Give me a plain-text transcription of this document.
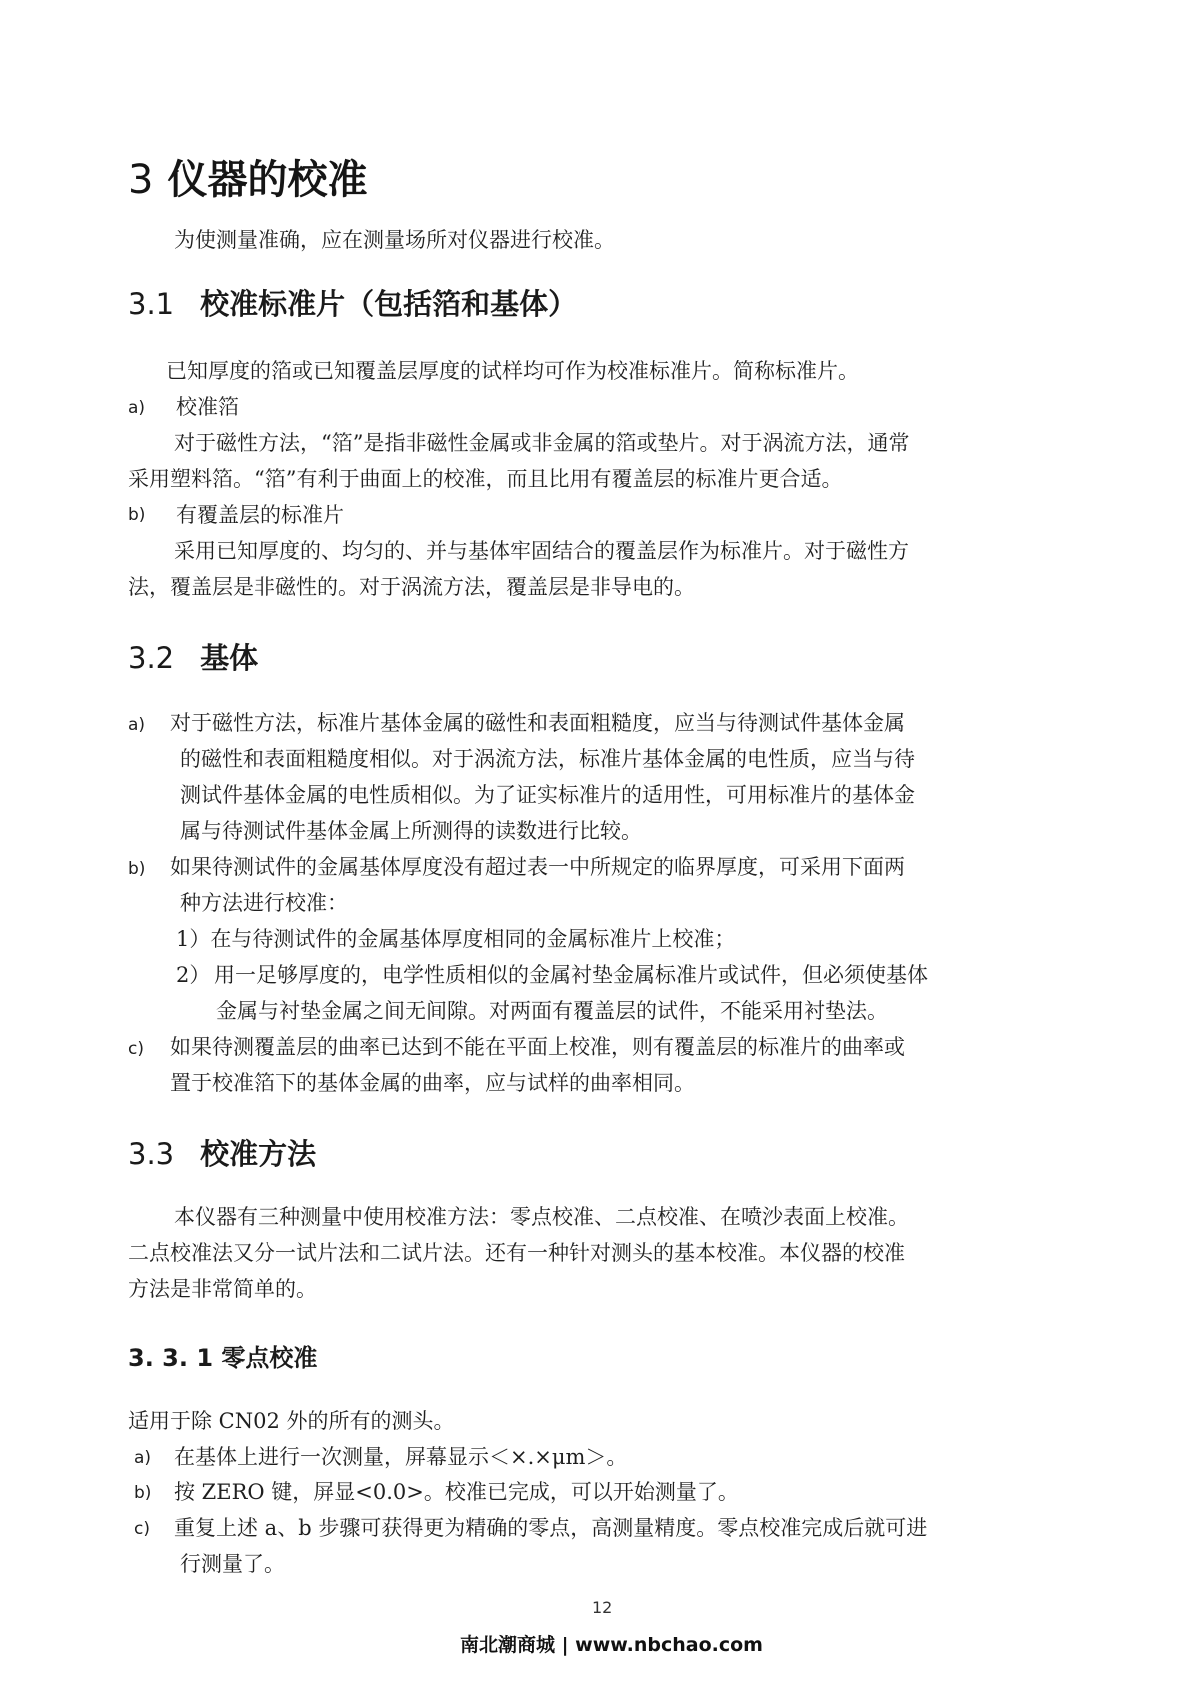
3 仪器的校准
为使测量准确，应在测量场所对仪器进行校准。
3.1 校准标准片（包括箔和基体）
已知厚度的箔或已知覆盖层厚度的试样均可作为校准标准片。简称标准片。
a) 校准箔
对于磁性方法，“箔”是指非磁性金属或非金属的箔或垫片。对于涡流方法，通常
采用塑料箔。“箔”有利于曲面上的校准，而且比用有覆盖层的标准片更合适。
b) 有覆盖层的标准片
采用已知厚度的、均匀的、并与基体牢固结合的覆盖层作为标准片。对于磁性方
法，覆盖层是非磁性的。对于涡流方法，覆盖层是非导电的。
3.2 基体
a) 对于磁性方法，标准片基体金属的磁性和表面粗糙度，应当与待测试件基体金属
的磁性和表面粗糙度相似。对于涡流方法，标准片基体金属的电性质，应当与待
测试件基体金属的电性质相似。为了证实标准片的适用性，可用标准片的基体金
属与待测试件基体金属上所测得的读数进行比较。
b) 如果待测试件的金属基体厚度没有超过表一中所规定的临界厚度，可采用下面两
种方法进行校准：
1）在与待测试件的金属基体厚度相同的金属标准片上校准；
2） 用一足够厚度的，电学性质相似的金属衬垫金属标准片或试件，但必须使基体
金属与衬垫金属之间无间隙。对两面有覆盖层的试件，不能采用衬垫法。
c) 如果待测覆盖层的曲率已达到不能在平面上校准，则有覆盖层的标准片的曲率或
置于校准箔下的基体金属的曲率，应与试样的曲率相同。
3.3 校准方法
本仪器有三种测量中使用校准方法：零点校准、二点校准、在喷沙表面上校准。
二点校准法又分一试片法和二试片法。还有一种针对测头的基本校准。本仪器的校准
方法是非常简单的。
3. 3. 1 零点校准
适用于除 CN02 外的所有的测头。
a) 在基体上进行一次测量，屏幕显示＜×.×μm＞。
b) 按 ZERO 键，屏显<0.0>。校准已完成，可以开始测量了。
c) 重复上述 a、b 步骤可获得更为精确的零点，高测量精度。零点校准完成后就可进
行测量了。
12
南北潮商城 | www.nbchao.com
